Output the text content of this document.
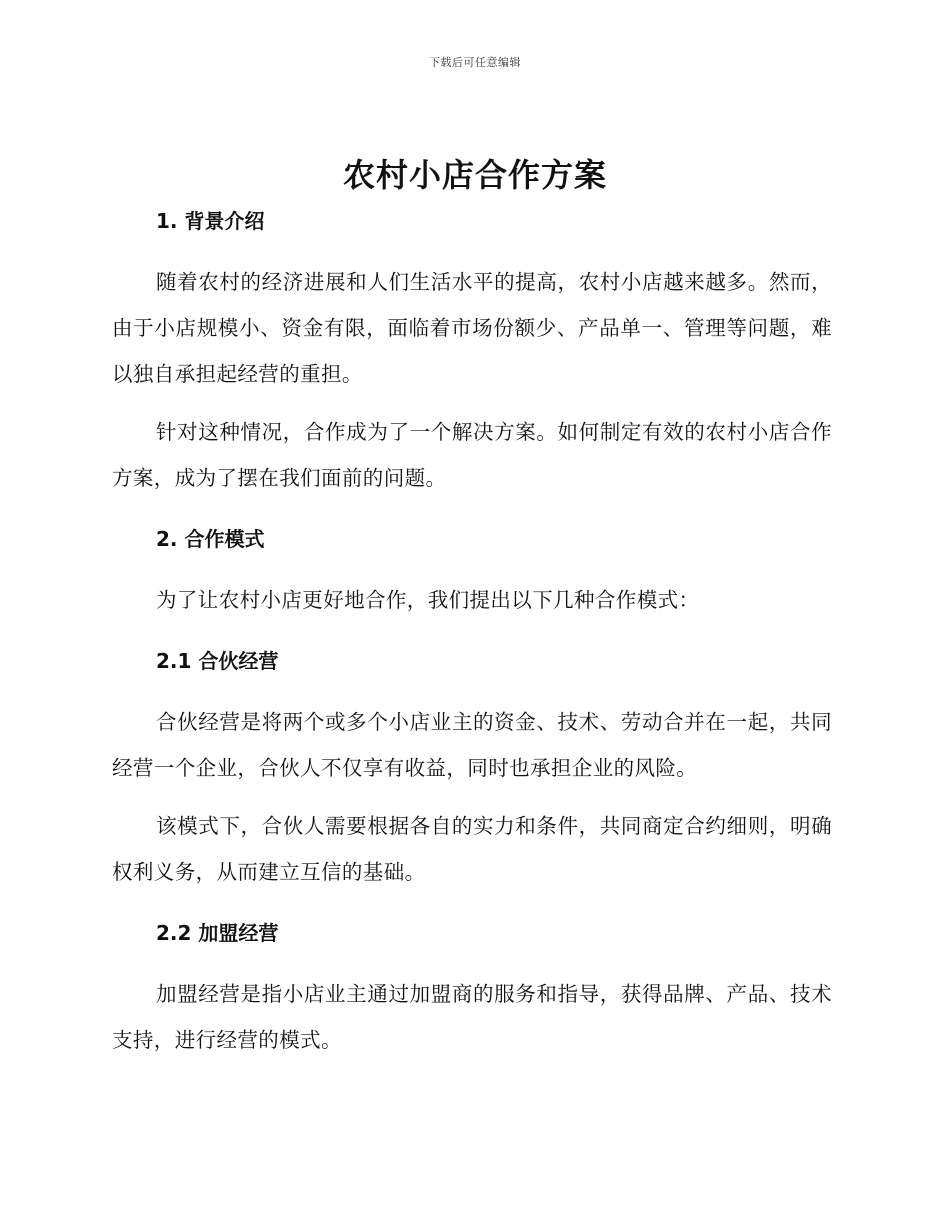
下载后可任意编辑
农村小店合作方案
1. 背景介绍

随着农村的经济进展和人们生活水平的提高，农村小店越来越多。然而，由于小店规模小、资金有限，面临着市场份额少、产品单一、管理等问题，难以独自承担起经营的重担。

针对这种情况，合作成为了一个解决方案。如何制定有效的农村小店合作方案，成为了摆在我们面前的问题。

2. 合作模式

为了让农村小店更好地合作，我们提出以下几种合作模式：

2.1 合伙经营

合伙经营是将两个或多个小店业主的资金、技术、劳动合并在一起，共同经营一个企业，合伙人不仅享有收益，同时也承担企业的风险。

该模式下，合伙人需要根据各自的实力和条件，共同商定合约细则，明确权利义务，从而建立互信的基础。

2.2 加盟经营

加盟经营是指小店业主通过加盟商的服务和指导，获得品牌、产品、技术支持，进行经营的模式。
